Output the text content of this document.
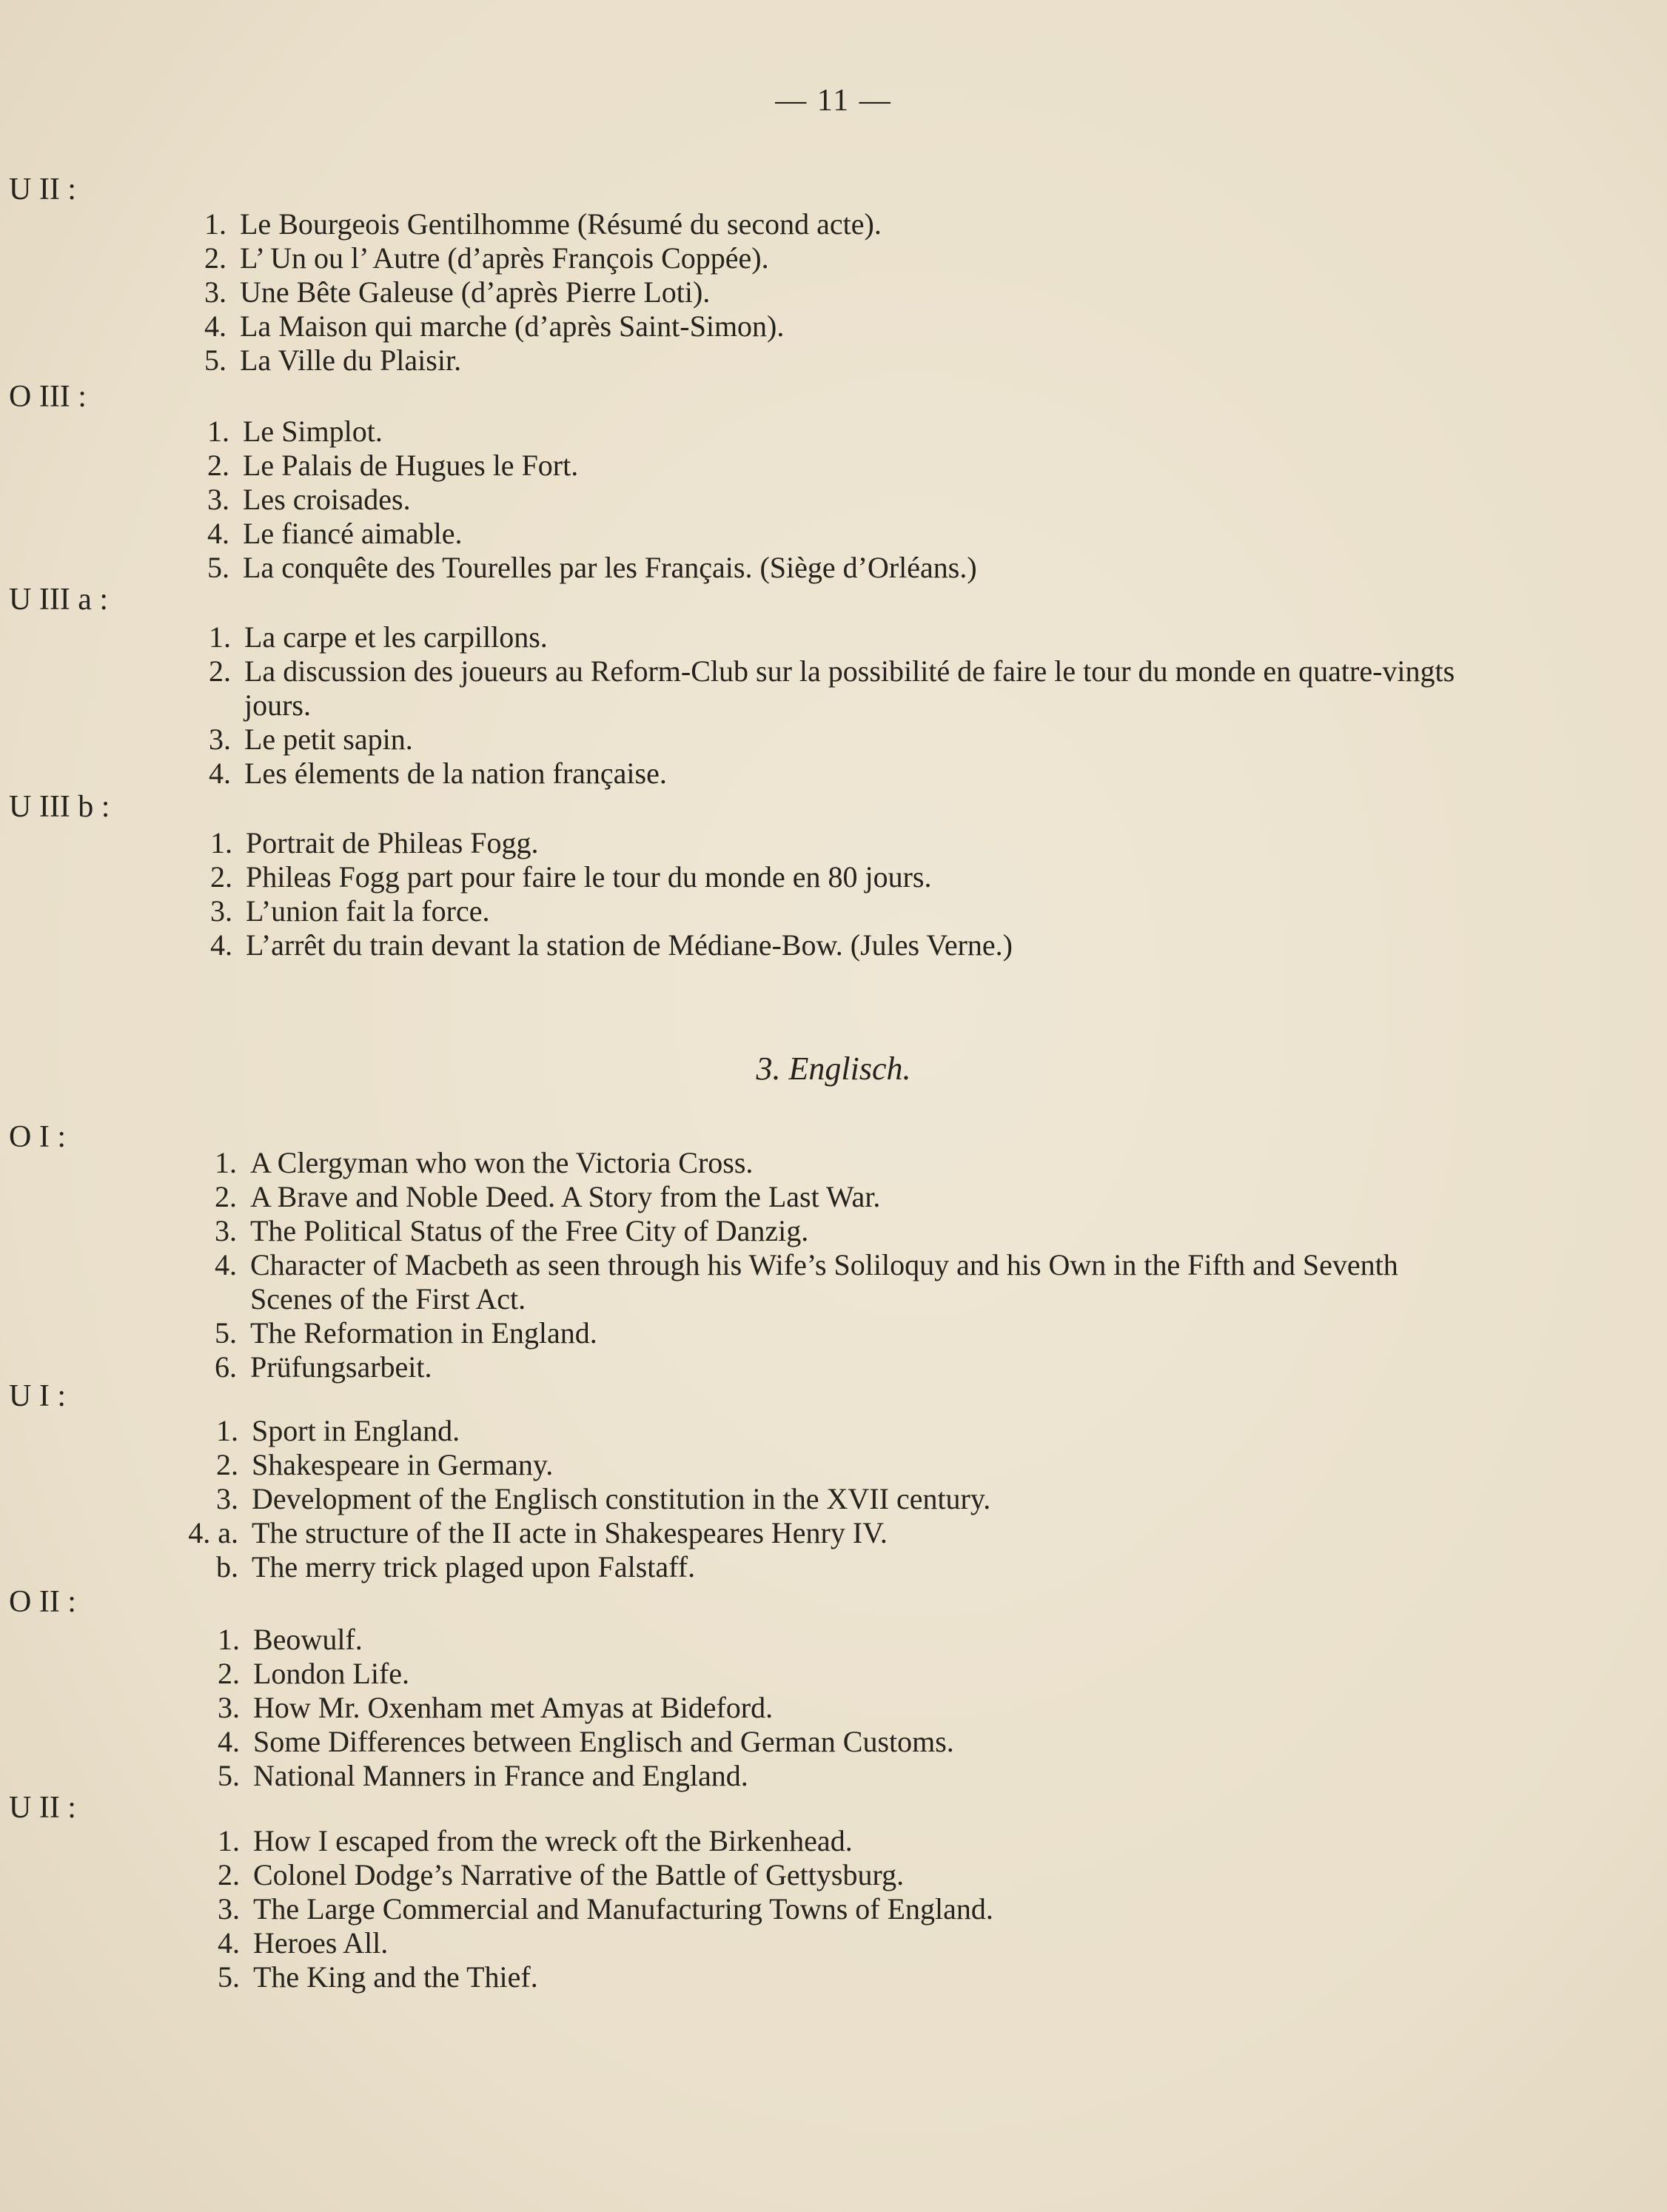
— 11 —
U II :
1. Le Bourgeois Gentilhomme (Résumé du second acte).
2. L’ Un ou l’ Autre (d’après François Coppée).
3. Une Bête Galeuse (d’après Pierre Loti).
4. La Maison qui marche (d’après Saint-Simon).
5. La Ville du Plaisir.
O III :
1. Le Simplot.
2. Le Palais de Hugues le Fort.
3. Les croisades.
4. Le fiancé aimable.
5. La conquête des Tourelles par les Français. (Siège d’Orléans.)
U III a :
1. La carpe et les carpillons.
2. La discussion des joueurs au Reform-Club sur la possibilité de faire le tour du monde en quatre-vingts jours.
3. Le petit sapin.
4. Les élements de la nation française.
U III b :
1. Portrait de Phileas Fogg.
2. Phileas Fogg part pour faire le tour du monde en 80 jours.
3. L’union fait la force.
4. L’arrêt du train devant la station de Médiane-Bow. (Jules Verne.)
3. Englisch.
O I :
1. A Clergyman who won the Victoria Cross.
2. A Brave and Noble Deed. A Story from the Last War.
3. The Political Status of the Free City of Danzig.
4. Character of Macbeth as seen through his Wife’s Soliloquy and his Own in the Fifth and Seventh Scenes of the First Act.
5. The Reformation in England.
6. Prüfungsarbeit.
U I :
1. Sport in England.
2. Shakespeare in Germany.
3. Development of the Englisch constitution in the XVII century.
4. a. The structure of the II acte in Shakespeares Henry IV.
b. The merry trick plaged upon Falstaff.
O II :
1. Beowulf.
2. London Life.
3. How Mr. Oxenham met Amyas at Bideford.
4. Some Differences between Englisch and German Customs.
5. National Manners in France and England.
U II :
1. How I escaped from the wreck oft the Birkenhead.
2. Colonel Dodge’s Narrative of the Battle of Gettysburg.
3. The Large Commercial and Manufacturing Towns of England.
4. Heroes All.
5. The King and the Thief.
